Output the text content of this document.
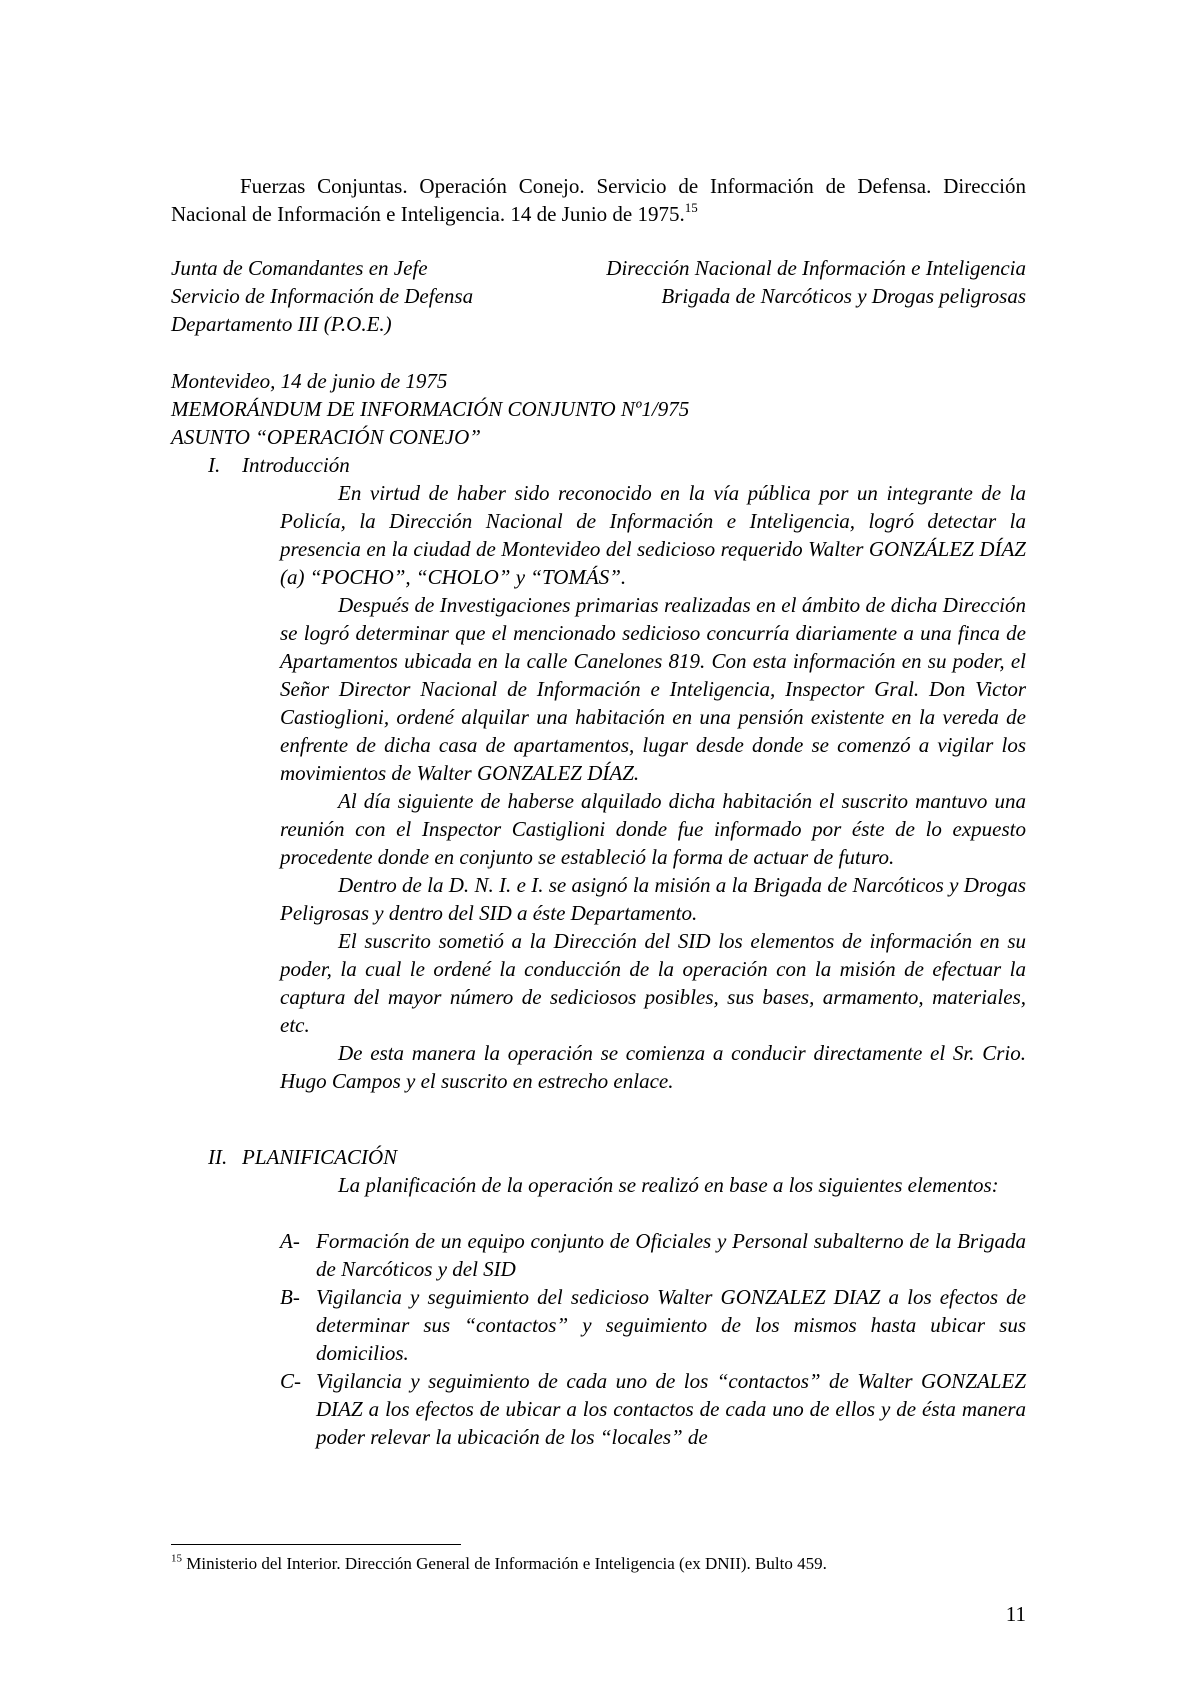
Fuerzas Conjuntas. Operación Conejo. Servicio de Información de Defensa. Dirección Nacional de Información e Inteligencia. 14 de Junio de 1975.15

Junta de Comandantes en Jefe	Dirección Nacional de Información e Inteligencia
Servicio de Información de Defensa	Brigada de Narcóticos y Drogas peligrosas
Departamento III (P.O.E.)

Montevideo, 14 de junio de 1975

MEMORÁNDUM DE INFORMACIÓN CONJUNTO Nº1/975

ASUNTO “OPERACIÓN CONEJO”

I. Introducción

En virtud de haber sido reconocido en la vía pública por un integrante de la Policía, la Dirección Nacional de Información e Inteligencia, logró detectar la presencia en la ciudad de Montevideo del sedicioso requerido Walter GONZÁLEZ DÍAZ (a) “POCHO”, “CHOLO” y “TOMÁS”.

Después de Investigaciones primarias realizadas en el ámbito de dicha Dirección se logró determinar que el mencionado sedicioso concurría diariamente a una finca de Apartamentos ubicada en la calle Canelones 819. Con esta información en su poder, el Señor Director Nacional de Información e Inteligencia, Inspector Gral. Don Victor Castioglioni, ordené alquilar una habitación en una pensión existente en la vereda de enfrente de dicha casa de apartamentos, lugar desde donde se comenzó a vigilar los movimientos de Walter GONZALEZ DÍAZ.

Al día siguiente de haberse alquilado dicha habitación el suscrito mantuvo una reunión con el Inspector Castiglioni donde fue informado por éste de lo expuesto procedente donde en conjunto se estableció la forma de actuar de futuro.

Dentro de la D. N. I. e I. se asignó la misión a la Brigada de Narcóticos y Drogas Peligrosas y dentro del SID a éste Departamento.

El suscrito sometió a la Dirección del SID los elementos de información en su poder, la cual le ordené la conducción de la operación con la misión de efectuar la captura del mayor número de sediciosos posibles, sus bases, armamento, materiales, etc.

De esta manera la operación se comienza a conducir directamente el Sr. Crio. Hugo Campos y el suscrito en estrecho enlace.

II. PLANIFICACIÓN

La planificación de la operación se realizó en base a los siguientes elementos:

A- Formación de un equipo conjunto de Oficiales y Personal subalterno de la Brigada de Narcóticos y del SID
B- Vigilancia y seguimiento del sedicioso Walter GONZALEZ DIAZ a los efectos de determinar sus “contactos” y seguimiento de los mismos hasta ubicar sus domicilios.
C- Vigilancia y seguimiento de cada uno de los “contactos” de Walter GONZALEZ DIAZ a los efectos de ubicar a los contactos de cada uno de ellos y de ésta manera poder relevar la ubicación de los “locales” de
$^{15}$ Ministerio del Interior. Dirección General de Información e Inteligencia (ex DNII). Bulto 459.
11
